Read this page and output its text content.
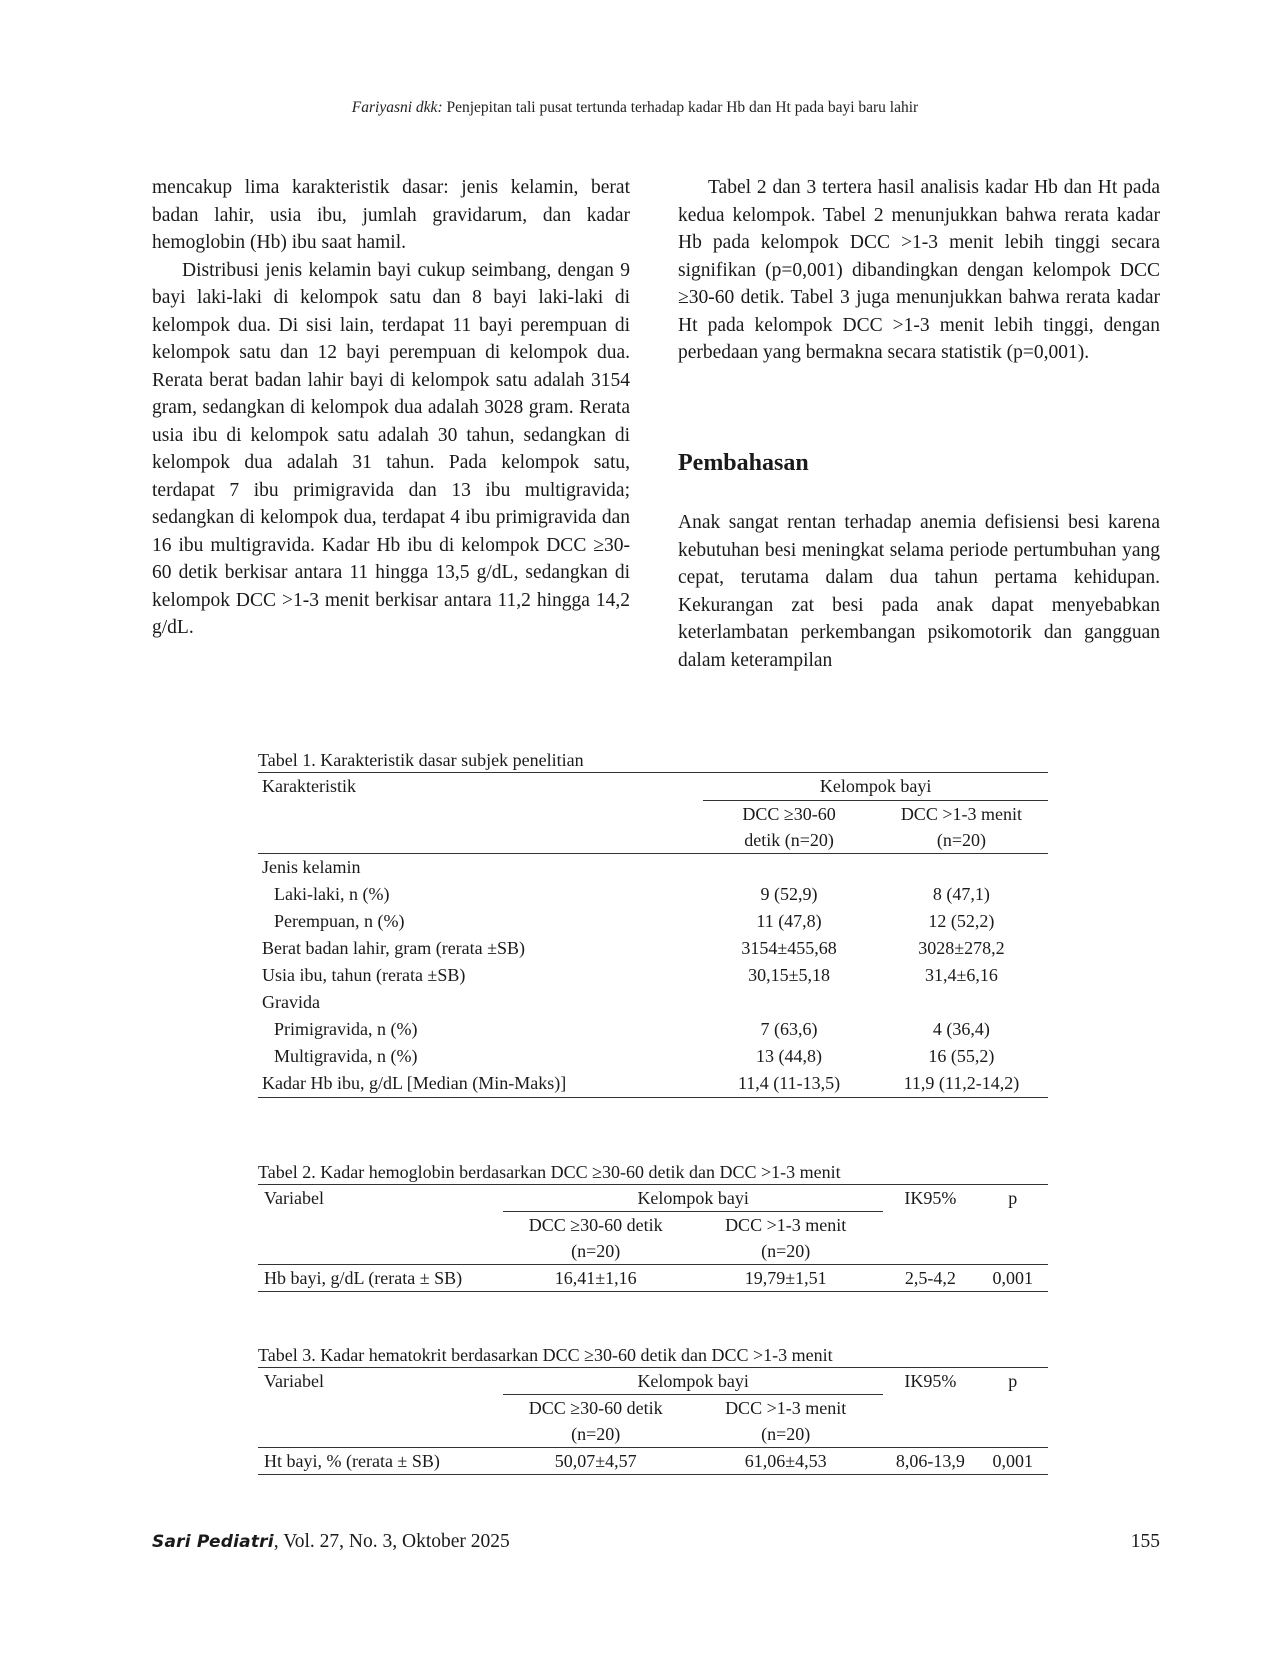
Fariyasni dkk: Penjepitan tali pusat tertunda terhadap kadar Hb dan Ht pada bayi baru lahir

mencakup lima karakteristik dasar: jenis kelamin, berat badan lahir, usia ibu, jumlah gravidarum, dan kadar hemoglobin (Hb) ibu saat hamil.

Distribusi jenis kelamin bayi cukup seimbang, dengan 9 bayi laki-laki di kelompok satu dan 8 bayi laki-laki di kelompok dua. Di sisi lain, terdapat 11 bayi perempuan di kelompok satu dan 12 bayi perempuan di kelompok dua. Rerata berat badan lahir bayi di kelompok satu adalah 3154 gram, sedangkan di kelompok dua adalah 3028 gram. Rerata usia ibu di kelompok satu adalah 30 tahun, sedangkan di kelompok dua adalah 31 tahun. Pada kelompok satu, terdapat 7 ibu primigravida dan 13 ibu multigravida; sedangkan di kelompok dua, terdapat 4 ibu primigravida dan 16 ibu multigravida. Kadar Hb ibu di kelompok DCC ≥30-60 detik berkisar antara 11 hingga 13,5 g/dL, sedangkan di kelompok DCC >1-3 menit berkisar antara 11,2 hingga 14,2 g/dL.

Tabel 2 dan 3 tertera hasil analisis kadar Hb dan Ht pada kedua kelompok. Tabel 2 menunjukkan bahwa rerata kadar Hb pada kelompok DCC >1-3 menit lebih tinggi secara signifikan (p=0,001) dibandingkan dengan kelompok DCC ≥30-60 detik. Tabel 3 juga menunjukkan bahwa rerata kadar Ht pada kelompok DCC >1-3 menit lebih tinggi, dengan perbedaan yang bermakna secara statistik (p=0,001).

Pembahasan

Anak sangat rentan terhadap anemia defisiensi besi karena kebutuhan besi meningkat selama periode pertumbuhan yang cepat, terutama dalam dua tahun pertama kehidupan. Kekurangan zat besi pada anak dapat menyebabkan keterlambatan perkembangan psikomotorik dan gangguan dalam keterampilan

Tabel 1. Karakteristik dasar subjek penelitian
Karakteristik	Kelompok bayi	
	DCC ≥30-60	DCC >1-3 menit
	detik (n=20)	(n=20)
Jenis kelamin		
Laki-laki, n (%)	9 (52,9)	8 (47,1)
Perempuan, n (%)	11 (47,8)	12 (52,2)
Berat badan lahir, gram (rerata ±SB)	3154±455,68	3028±278,2
Usia ibu, tahun (rerata ±SB)	30,15±5,18	31,4±6,16
Gravida		
Primigravida, n (%)	7 (63,6)	4 (36,4)
Multigravida, n (%)	13 (44,8)	16 (55,2)
Kadar Hb ibu, g/dL [Median (Min-Maks)]	11,4 (11-13,5)	11,9 (11,2-14,2)
Tabel 2. Kadar hemoglobin berdasarkan DCC ≥30-60 detik dan DCC >1-3 menit
Variabel	Kelompok bayi		IK95%	p
	DCC ≥30-60 detik	DCC >1-3 menit		
	(n=20)	(n=20)		
Hb bayi, g/dL (rerata ± SB)	16,41±1,16	19,79±1,51	2,5-4,2	0,001
Tabel 3. Kadar hematokrit berdasarkan DCC ≥30-60 detik dan DCC >1-3 menit
Variabel	Kelompok bayi		IK95%	p
	DCC ≥30-60 detik	DCC >1-3 menit		
	(n=20)	(n=20)		
Ht bayi, % (rerata ± SB)	50,07±4,57	61,06±4,53	8,06-13,9	0,001
Sari Pediatri, Vol. 27, No. 3, Oktober 2025	155
